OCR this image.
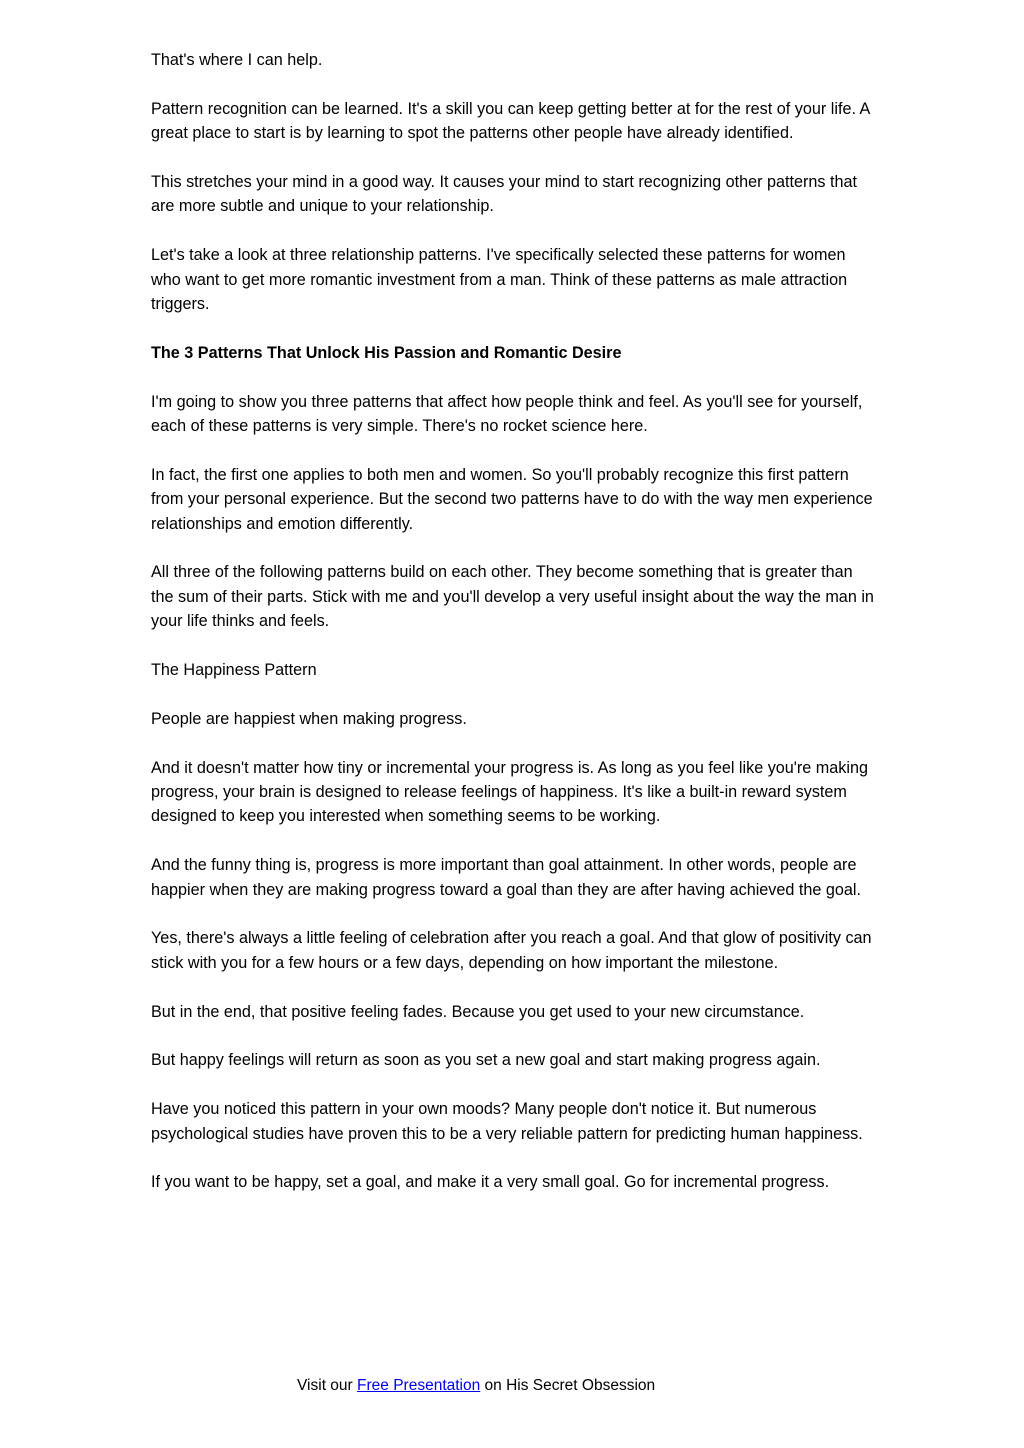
That's where I can help.

Pattern recognition can be learned. It's a skill you can keep getting better at for the rest of your life. A great place to start is by learning to spot the patterns other people have already identified.

This stretches your mind in a good way. It causes your mind to start recognizing other patterns that are more subtle and unique to your relationship.

Let's take a look at three relationship patterns. I've specifically selected these patterns for women who want to get more romantic investment from a man. Think of these patterns as male attraction triggers.

The 3 Patterns That Unlock His Passion and Romantic Desire

I'm going to show you three patterns that affect how people think and feel. As you'll see for yourself, each of these patterns is very simple. There's no rocket science here.

In fact, the first one applies to both men and women. So you'll probably recognize this first pattern from your personal experience. But the second two patterns have to do with the way men experience relationships and emotion differently.

All three of the following patterns build on each other. They become something that is greater than the sum of their parts. Stick with me and you'll develop a very useful insight about the way the man in your life thinks and feels.

The Happiness Pattern

People are happiest when making progress.

And it doesn't matter how tiny or incremental your progress is. As long as you feel like you're making progress, your brain is designed to release feelings of happiness. It's like a built-in reward system designed to keep you interested when something seems to be working.

And the funny thing is, progress is more important than goal attainment. In other words, people are happier when they are making progress toward a goal than they are after having achieved the goal.

Yes, there's always a little feeling of celebration after you reach a goal. And that glow of positivity can stick with you for a few hours or a few days, depending on how important the milestone.

But in the end, that positive feeling fades. Because you get used to your new circumstance.

But happy feelings will return as soon as you set a new goal and start making progress again.

Have you noticed this pattern in your own moods? Many people don't notice it. But numerous psychological studies have proven this to be a very reliable pattern for predicting human happiness.

If you want to be happy, set a goal, and make it a very small goal. Go for incremental progress.

Visit our Free Presentation on His Secret Obsession
